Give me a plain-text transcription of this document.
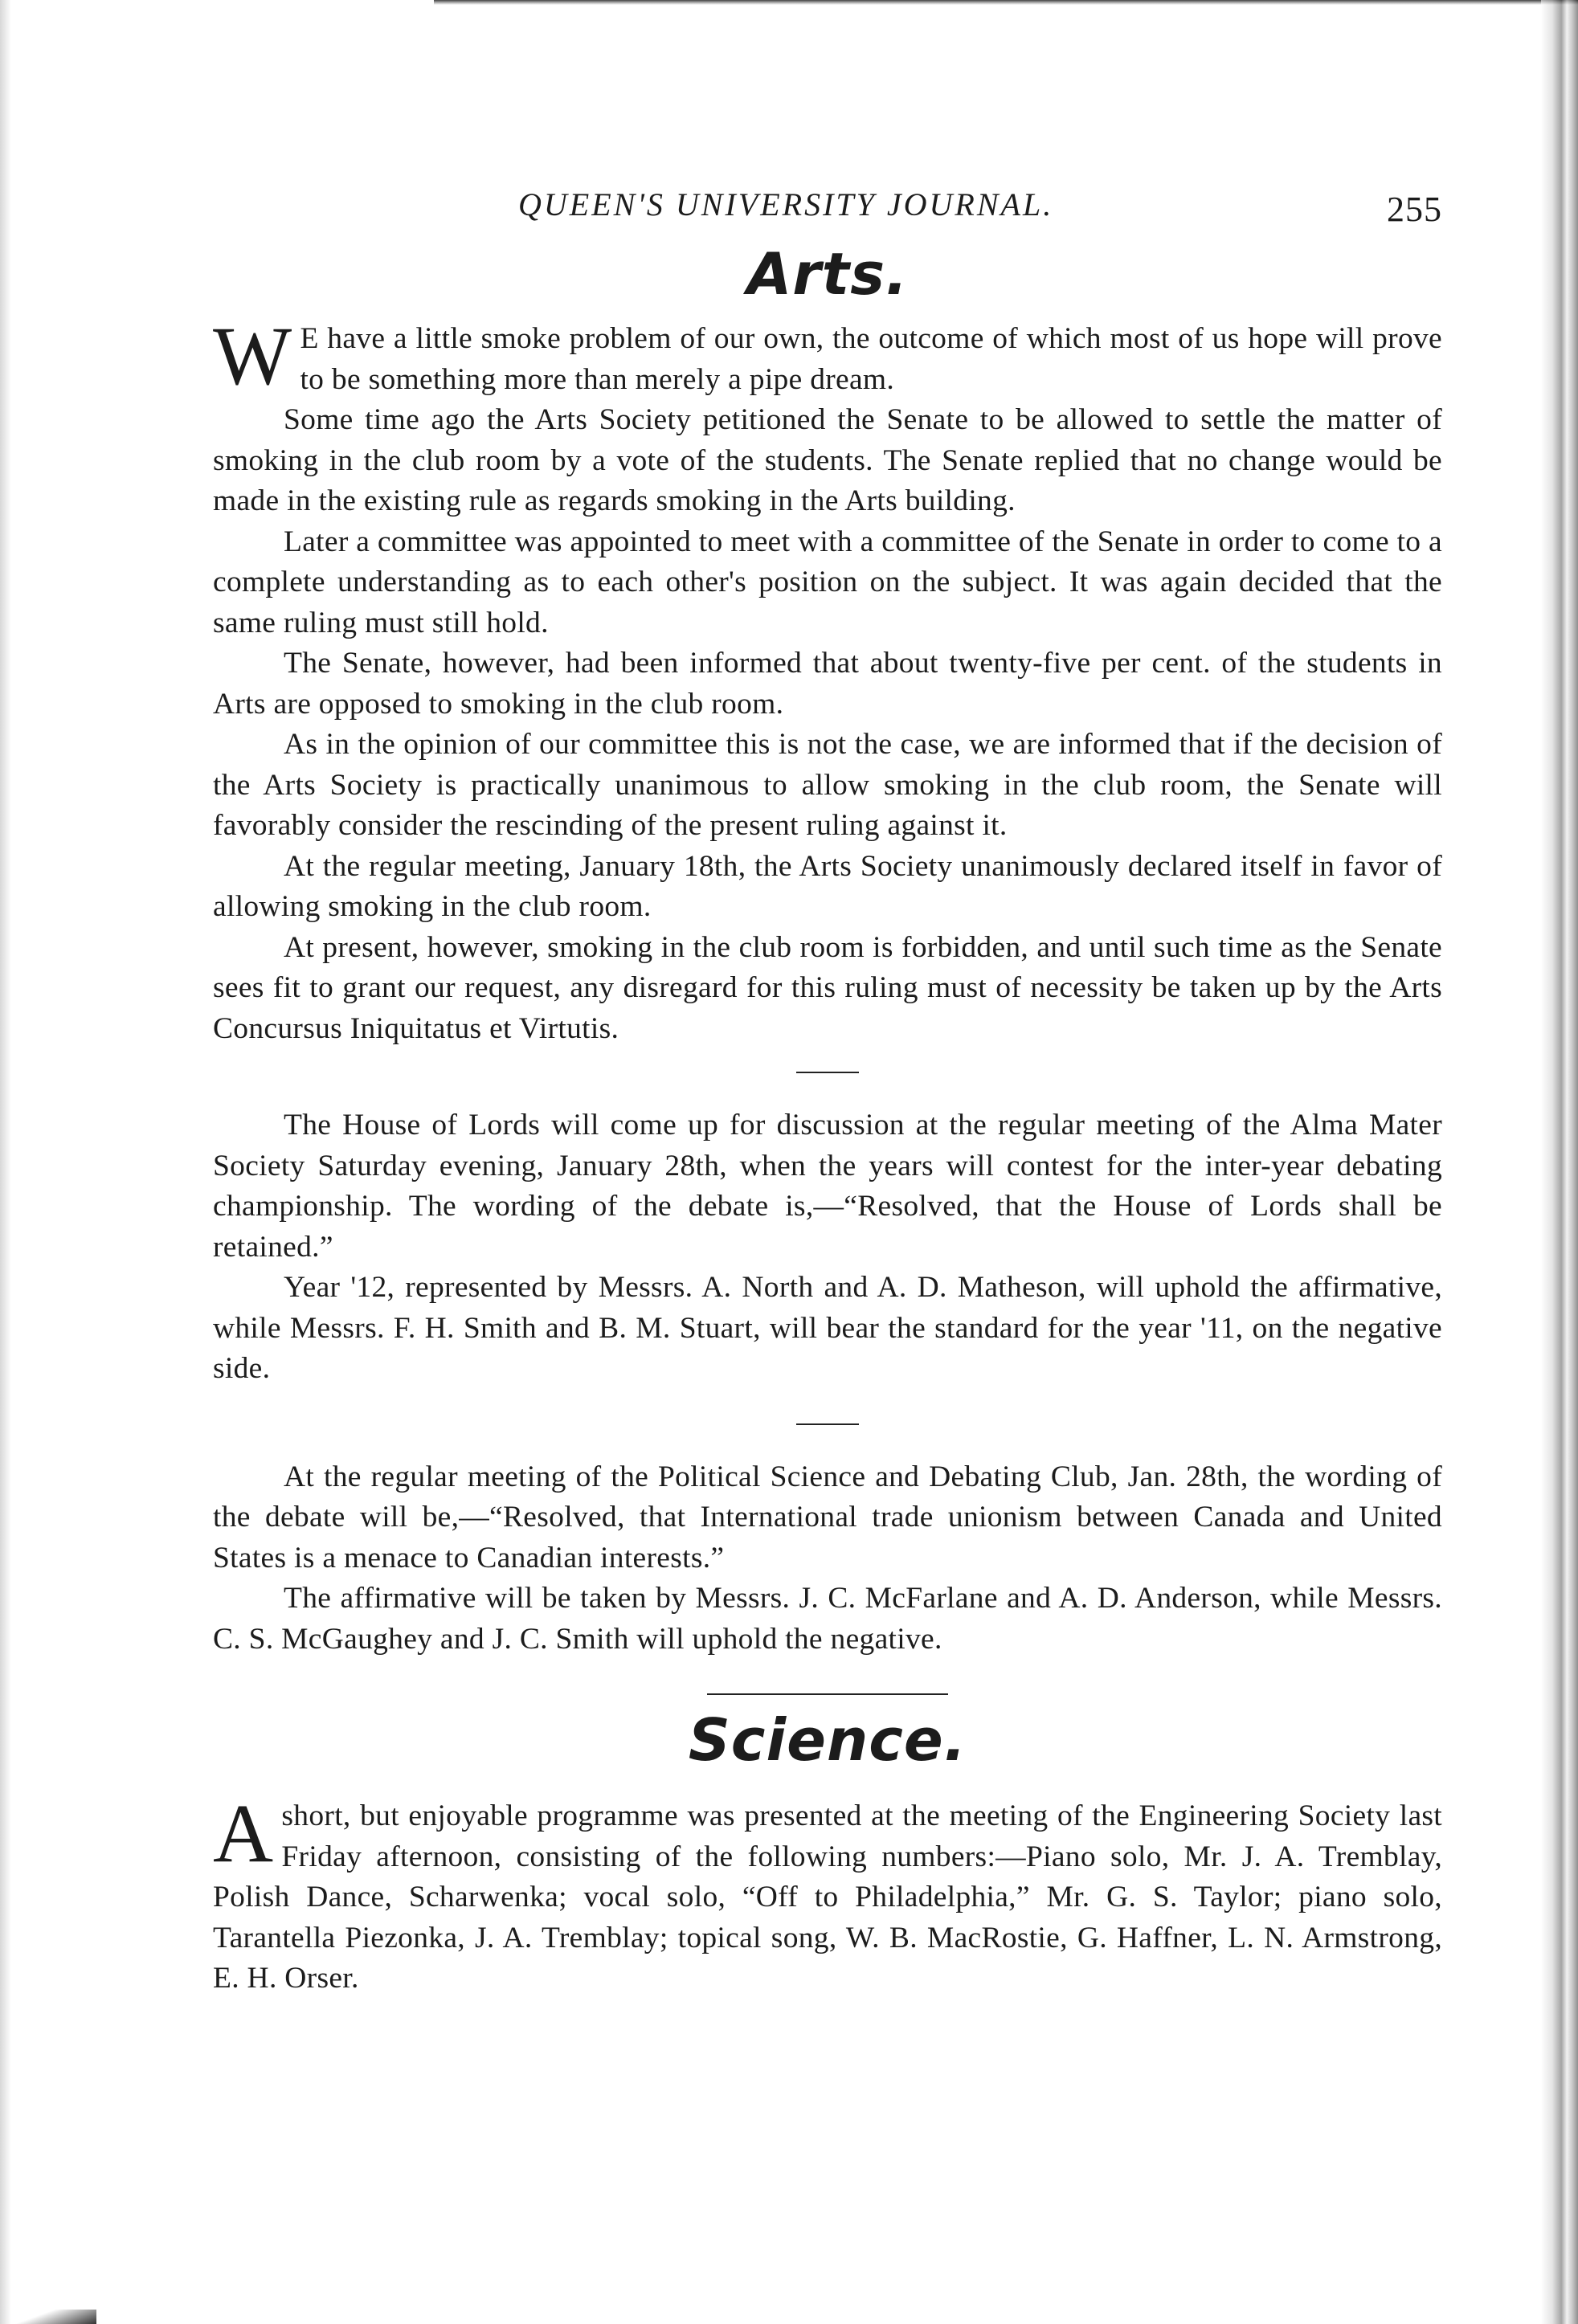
QUEEN'S UNIVERSITY JOURNAL.	255
Arts.

W E have a little smoke problem of our own, the outcome of which most of us hope will prove to be something more than merely a pipe dream.

Some time ago the Arts Society petitioned the Senate to be allowed to settle the matter of smoking in the club room by a vote of the students. The Senate replied that no change would be made in the existing rule as regards smoking in the Arts building.

Later a committee was appointed to meet with a committee of the Senate in order to come to a complete understanding as to each other's position on the subject. It was again decided that the same ruling must still hold.

The Senate, however, had been informed that about twenty-five per cent. of the students in Arts are opposed to smoking in the club room.

As in the opinion of our committee this is not the case, we are informed that if the decision of the Arts Society is practically unanimous to allow smoking in the club room, the Senate will favorably consider the rescinding of the present ruling against it.

At the regular meeting, January 18th, the Arts Society unanimously declared itself in favor of allowing smoking in the club room.

At present, however, smoking in the club room is forbidden, and until such time as the Senate sees fit to grant our request, any disregard for this ruling must of necessity be taken up by the Arts Concursus Iniquitatus et Virtutis.

The House of Lords will come up for discussion at the regular meeting of the Alma Mater Society Saturday evening, January 28th, when the years will contest for the inter-year debating championship. The wording of the debate is,—“Resolved, that the House of Lords shall be retained.”

Year '12, represented by Messrs. A. North and A. D. Matheson, will uphold the affirmative, while Messrs. F. H. Smith and B. M. Stuart, will bear the standard for the year '11, on the negative side.

At the regular meeting of the Political Science and Debating Club, Jan. 28th, the wording of the debate will be,—“Resolved, that International trade unionism between Canada and United States is a menace to Canadian interests.”

The affirmative will be taken by Messrs. J. C. McFarlane and A. D. Anderson, while Messrs. C. S. McGaughey and J. C. Smith will uphold the negative.

Science.

Ashort, but enjoyable programme was presented at the meeting of the Engineering Society last Friday afternoon, consisting of the following numbers:—Piano solo, Mr. J. A. Tremblay, Polish Dance, Scharwenka; vocal solo, “Off to Philadelphia,” Mr. G. S. Taylor; piano solo, Tarantella Piezonka, J. A. Tremblay; topical song, W. B. MacRostie, G. Haffner, L. N. Armstrong, E. H. Orser.
